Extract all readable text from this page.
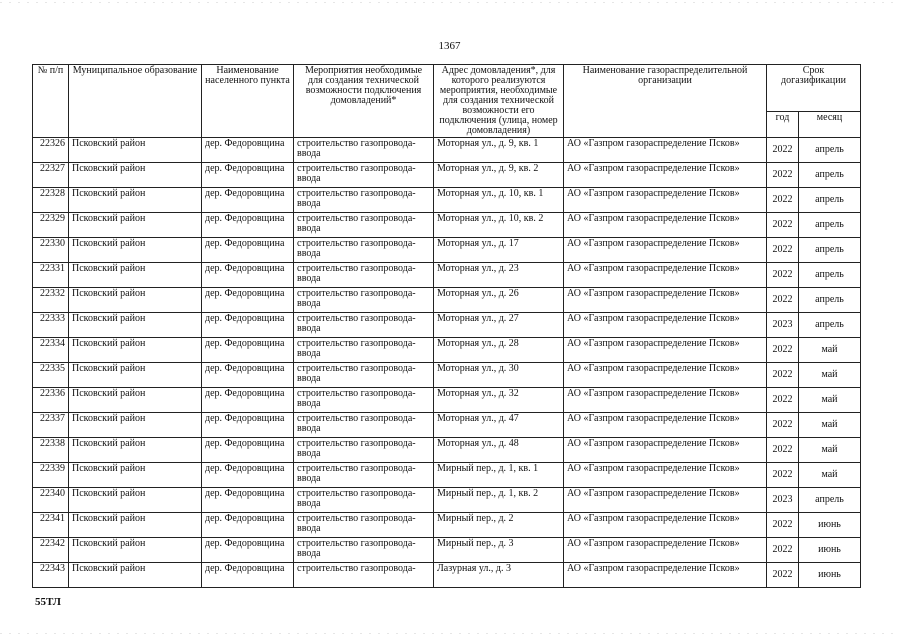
1367
№ п/п	Муниципальное образование	Наименование населенного пункта	Мероприятия необходимые для создания технической возможности подключения домовладений*	Адрес домовладения*, для которого реализуются мероприятия, необходимые для создания технической возможности его подключения (улица, номер домовладения)	Наименование газораспределительной организации	Срок догазификации	
						год	месяц
22326	Псковский район	дер. Федоровщина	строительство газопровода-ввода	Моторная ул., д. 9, кв. 1	АО «Газпром газораспределение Псков»	2022	апрель
22327	Псковский район	дер. Федоровщина	строительство газопровода-ввода	Моторная ул., д. 9, кв. 2	АО «Газпром газораспределение Псков»	2022	апрель
22328	Псковский район	дер. Федоровщина	строительство газопровода-ввода	Моторная ул., д. 10, кв. 1	АО «Газпром газораспределение Псков»	2022	апрель
22329	Псковский район	дер. Федоровщина	строительство газопровода-ввода	Моторная ул., д. 10, кв. 2	АО «Газпром газораспределение Псков»	2022	апрель
22330	Псковский район	дер. Федоровщина	строительство газопровода-ввода	Моторная ул., д. 17	АО «Газпром газораспределение Псков»	2022	апрель
22331	Псковский район	дер. Федоровщина	строительство газопровода-ввода	Моторная ул., д. 23	АО «Газпром газораспределение Псков»	2022	апрель
22332	Псковский район	дер. Федоровщина	строительство газопровода-ввода	Моторная ул., д. 26	АО «Газпром газораспределение Псков»	2022	апрель
22333	Псковский район	дер. Федоровщина	строительство газопровода-ввода	Моторная ул., д. 27	АО «Газпром газораспределение Псков»	2023	апрель
22334	Псковский район	дер. Федоровщина	строительство газопровода-ввода	Моторная ул., д. 28	АО «Газпром газораспределение Псков»	2022	май
22335	Псковский район	дер. Федоровщина	строительство газопровода-ввода	Моторная ул., д. 30	АО «Газпром газораспределение Псков»	2022	май
22336	Псковский район	дер. Федоровщина	строительство газопровода-ввода	Моторная ул., д. 32	АО «Газпром газораспределение Псков»	2022	май
22337	Псковский район	дер. Федоровщина	строительство газопровода-ввода	Моторная ул., д. 47	АО «Газпром газораспределение Псков»	2022	май
22338	Псковский район	дер. Федоровщина	строительство газопровода-ввода	Моторная ул., д. 48	АО «Газпром газораспределение Псков»	2022	май
22339	Псковский район	дер. Федоровщина	строительство газопровода-ввода	Мирный пер., д. 1, кв. 1	АО «Газпром газораспределение Псков»	2022	май
22340	Псковский район	дер. Федоровщина	строительство газопровода-ввода	Мирный пер., д. 1, кв. 2	АО «Газпром газораспределение Псков»	2023	апрель
22341	Псковский район	дер. Федоровщина	строительство газопровода-ввода	Мирный пер., д. 2	АО «Газпром газораспределение Псков»	2022	июнь
22342	Псковский район	дер. Федоровщина	строительство газопровода-ввода	Мирный пер., д. 3	АО «Газпром газораспределение Псков»	2022	июнь
22343	Псковский район	дер. Федоровщина	строительство газопровода-	Лазурная ул., д. 3	АО «Газпром газораспределение Псков»	2022	июнь
55ТЛ
